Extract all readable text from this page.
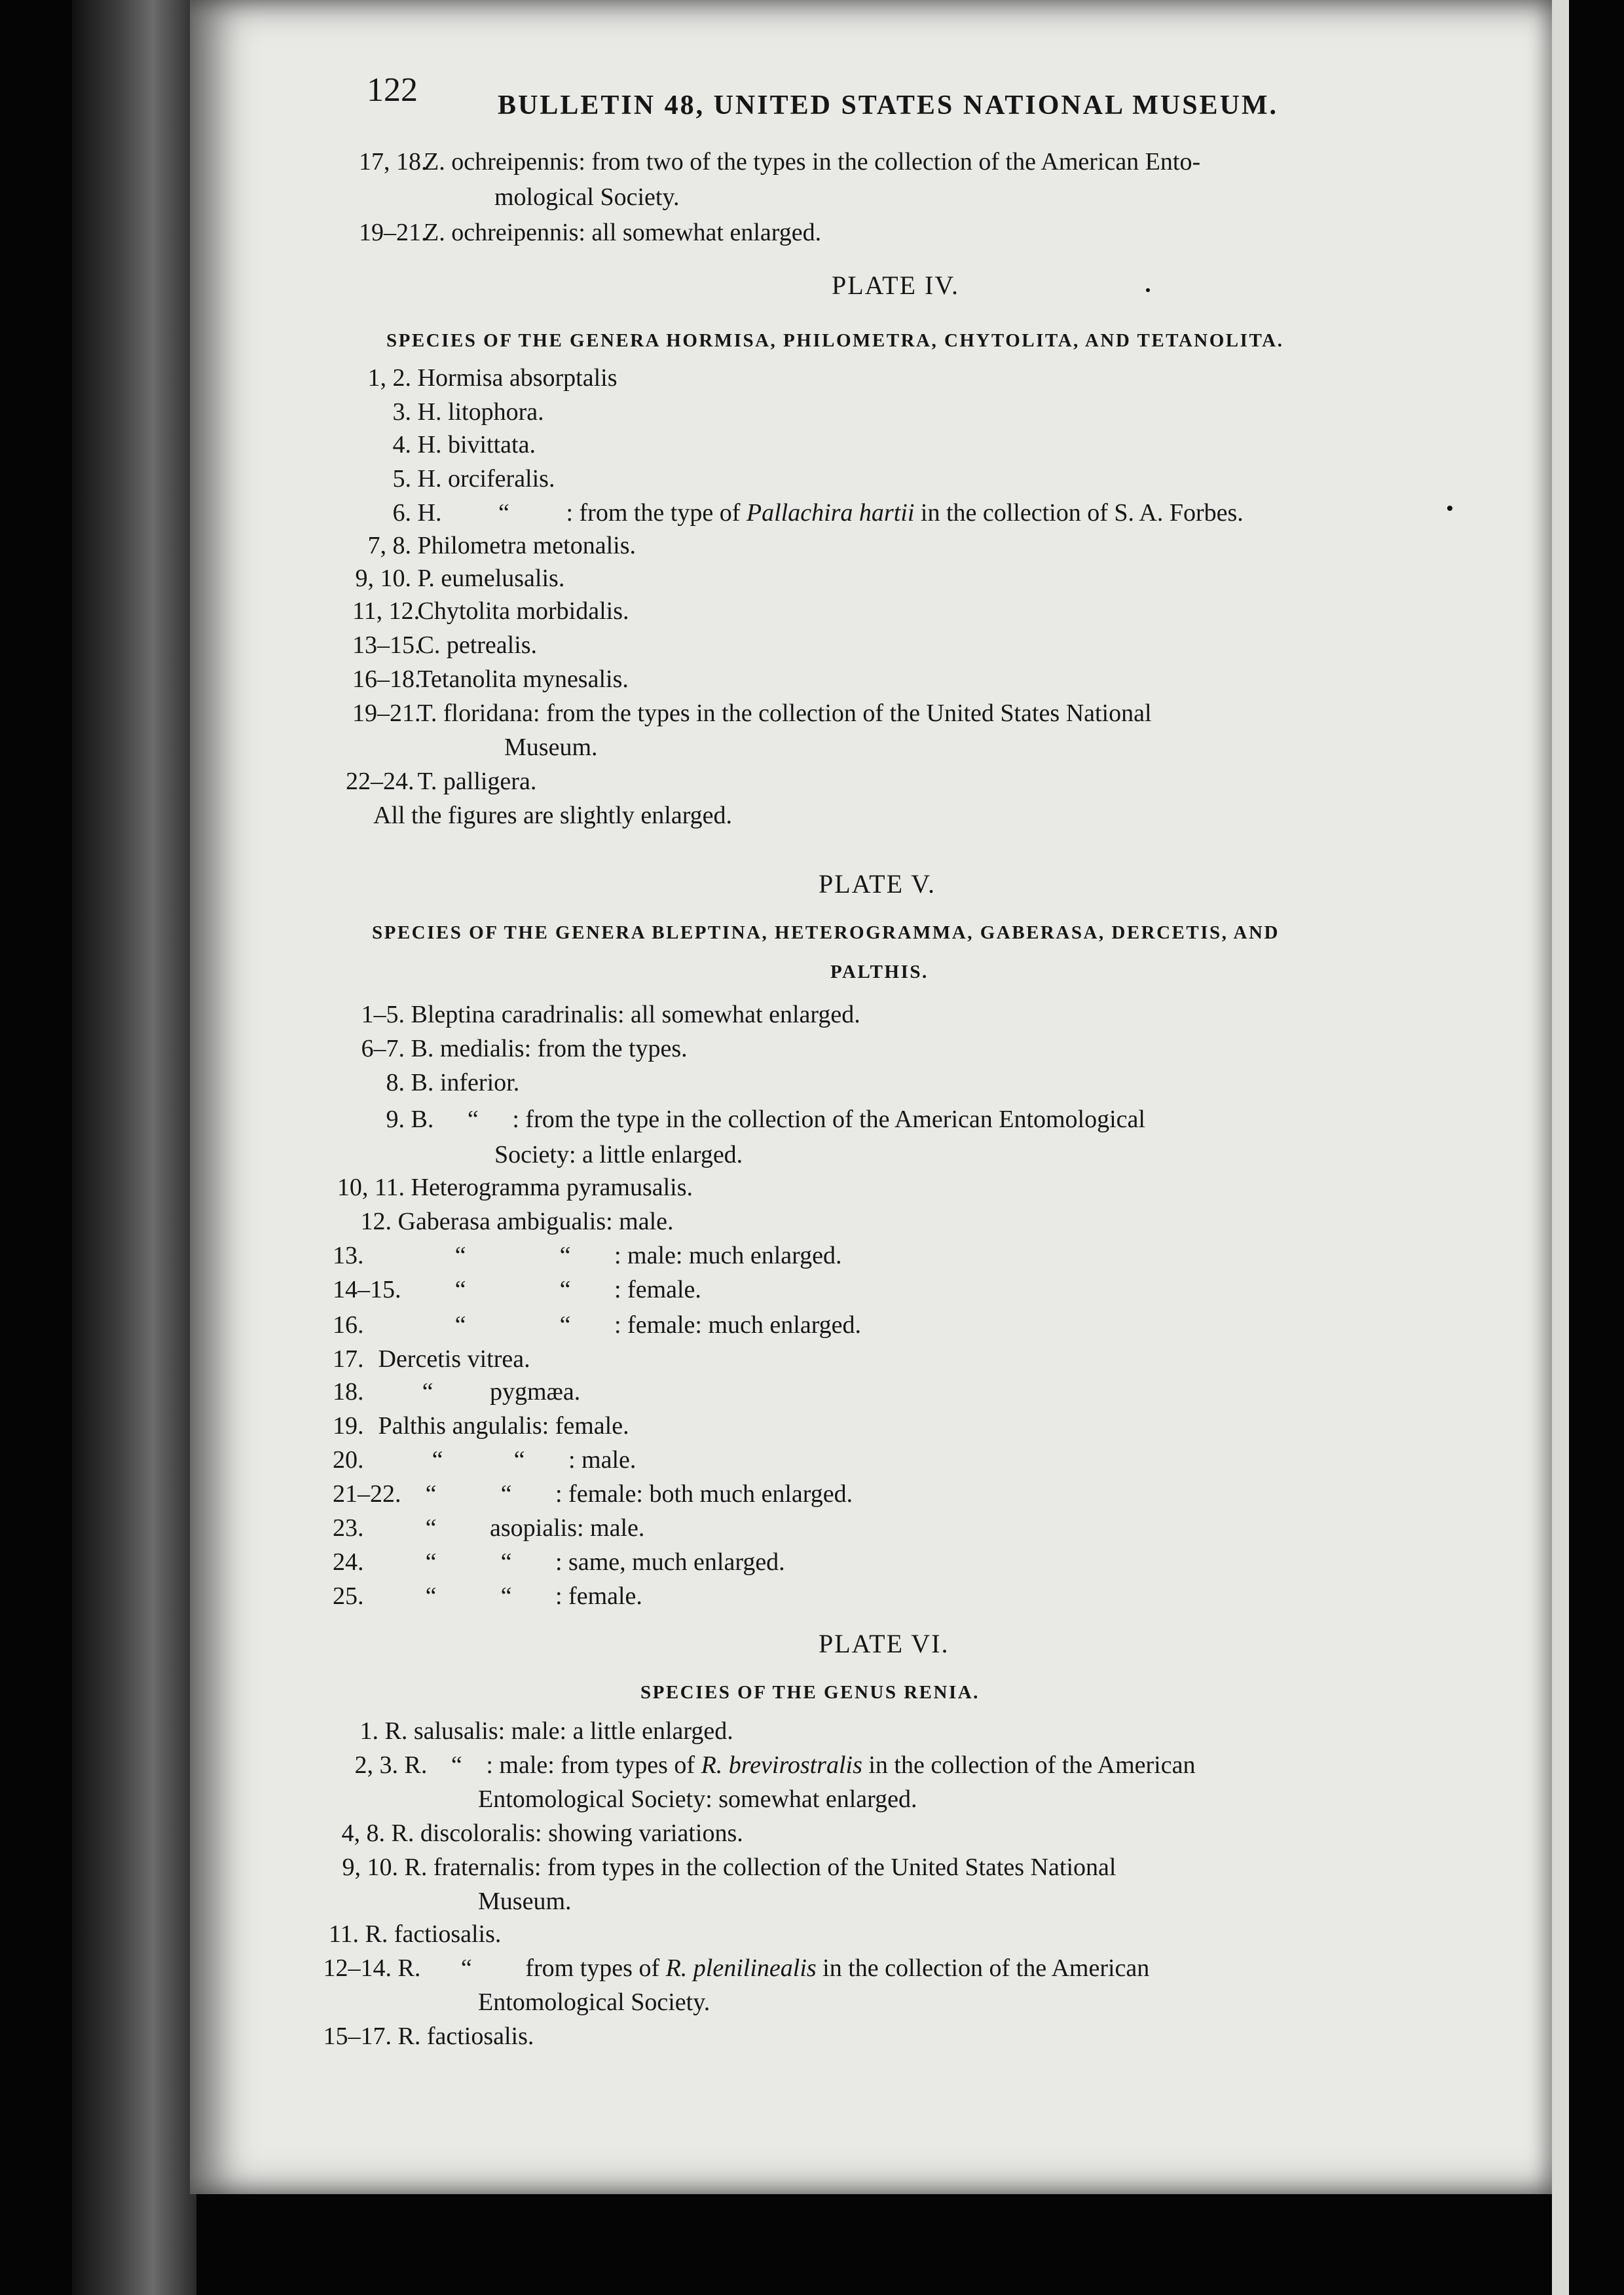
122	BULLETIN 48, UNITED STATES NATIONAL MUSEUM.
17, 18.  Z. ochreipennis: from two of the types in the collection of the American Ento-
mological Society.
19–21.  Z. ochreipennis: all somewhat enlarged.
PLATE IV.
SPECIES OF THE GENERA HORMISA, PHILOMETRA, CHYTOLITA, AND TETANOLITA.
1, 2. Hormisa absorptalis
3. H. litophora.
4. H. bivittata.
5. H. orciferalis.
6. H. “ : from the type of Pallachira hartii in the collection of S. A. Forbes.
7, 8. Philometra metonalis.
9, 10. P. eumelusalis.
11, 12. Chytolita morbidalis.
13–15. C. petrealis.
16–18. Tetanolita mynesalis.
19–21. T. floridana: from the types in the collection of the United States National
Museum.
22–24. T. palligera.
All the figures are slightly enlarged.
PLATE V.
SPECIES OF THE GENERA BLEPTINA, HETEROGRAMMA, GABERASA, DERCETIS, AND
PALTHIS.
1–5. Bleptina caradrinalis: all somewhat enlarged.
6–7. B. medialis: from the types.
8. B. inferior.
9. B. “ : from the type in the collection of the American Entomological
Society: a little enlarged.
10, 11. Heterogramma pyramusalis.
12. Gaberasa ambigualis: male.
13.	“	“ : male: much enlarged.
14–15. “	“ : female.
16.	“	“ : female: much enlarged.
17. Dercetis vitrea.
18. “ pygmæa.
19. Palthis angulalis: female.
20.	“	“ : male.
21–22. “	“ : female: both much enlarged.
23. “ asopialis: male.
24. “	“ : same, much enlarged.
25. “	“ : female.
PLATE VI.
SPECIES OF THE GENUS RENIA.
1. R. salusalis: male: a little enlarged.
2, 3. R. “ : male: from types of R. brevirostralis in the collection of the American
Entomological Society: somewhat enlarged.
4, 8. R. discoloralis: showing variations.
9, 10. R. fraternalis: from types in the collection of the United States National
Museum.
11. R. factiosalis.
12–14. R. “ from types of R. plenilinealis in the collection of the American
Entomological Society.
15–17. R. factiosalis.
